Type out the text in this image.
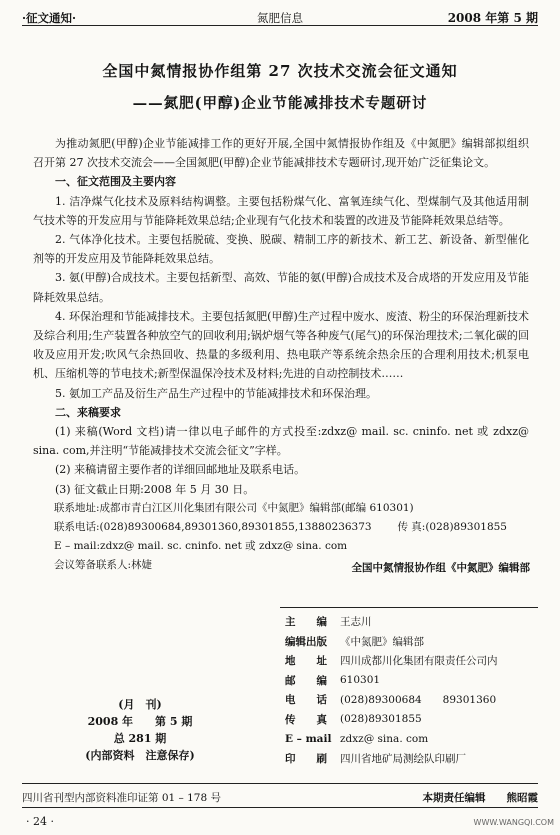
·征文通知·	氮肥信息	2008 年第 5 期
全国中氮情报协作组第 27 次技术交流会征文通知
——氮肥(甲醇)企业节能减排技术专题研讨

为推动氮肥(甲醇)企业节能减排工作的更好开展,全国中氮情报协作组及《中氮肥》编辑部拟组织召开第 27 次技术交流会——全国氮肥(甲醇)企业节能减排技术专题研讨,现开始广泛征集论文。

一、征文范围及主要内容

1. 洁净煤气化技术及原料结构调整。主要包括粉煤气化、富氧连续气化、型煤制气及其他适用制气技术等的开发应用与节能降耗效果总结;企业现有气化技术和装置的改进及节能降耗效果总结等。

2. 气体净化技术。主要包括脱硫、变换、脱碳、精制工序的新技术、新工艺、新设备、新型催化剂等的开发应用及节能降耗效果总结。

3. 氨(甲醇)合成技术。主要包括新型、高效、节能的氨(甲醇)合成技术及合成塔的开发应用及节能降耗效果总结。

4. 环保治理和节能减排技术。主要包括氮肥(甲醇)生产过程中废水、废渣、粉尘的环保治理新技术及综合利用;生产装置各种放空气的回收利用;锅炉烟气等各种废气(尾气)的环保治理技术;二氧化碳的回收及应用开发;吹风气余热回收、热量的多级利用、热电联产等系统余热余压的合理利用技术;机泵电机、压缩机等的节电技术;新型保温保冷技术及材料;先进的自动控制技术……

5. 氨加工产品及衍生产品生产过程中的节能减排技术和环保治理。

二、来稿要求

(1) 来稿(Word 文档)请一律以电子邮件的方式投至:zdxz@ mail. sc. cninfo. net 或 zdxz@ sina. com,并注明“节能减排技术交流会征文”字样。

(2) 来稿请留主要作者的详细回邮地址及联系电话。

(3) 征文截止日期:2008 年 5 月 30 日。

联系地址:成都市青白江区川化集团有限公司《中氮肥》编辑部(邮编 610301)

联系电话:(028)89300684,89301360,89301855,13880236373 传 真:(028)89301855

E – mail:zdxz@ mail. sc. cninfo. net 或 zdxz@ sina. com

会议筹备联系人:林婕	全国中氮情报协作组《中氮肥》编辑部
主　　编	王志川
编辑出版	《中氮肥》编辑部
地　　址	四川成都川化集团有限责任公司内
邮　　编	610301
电　　话	(028)89300684　　89301360
传　　真	(028)89301855
E – mail zdxz@ sina. com
印　　刷	四川省地矿局测绘队印刷厂
(月　刊)
2008 年　　第 5 期
总 281 期
(内部资料　注意保存)
四川省刊型内部资料准印证第 01 – 178 号	本期责任编辑　　熊昭霞
· 24 ·	WWW.WANGQI.COM
